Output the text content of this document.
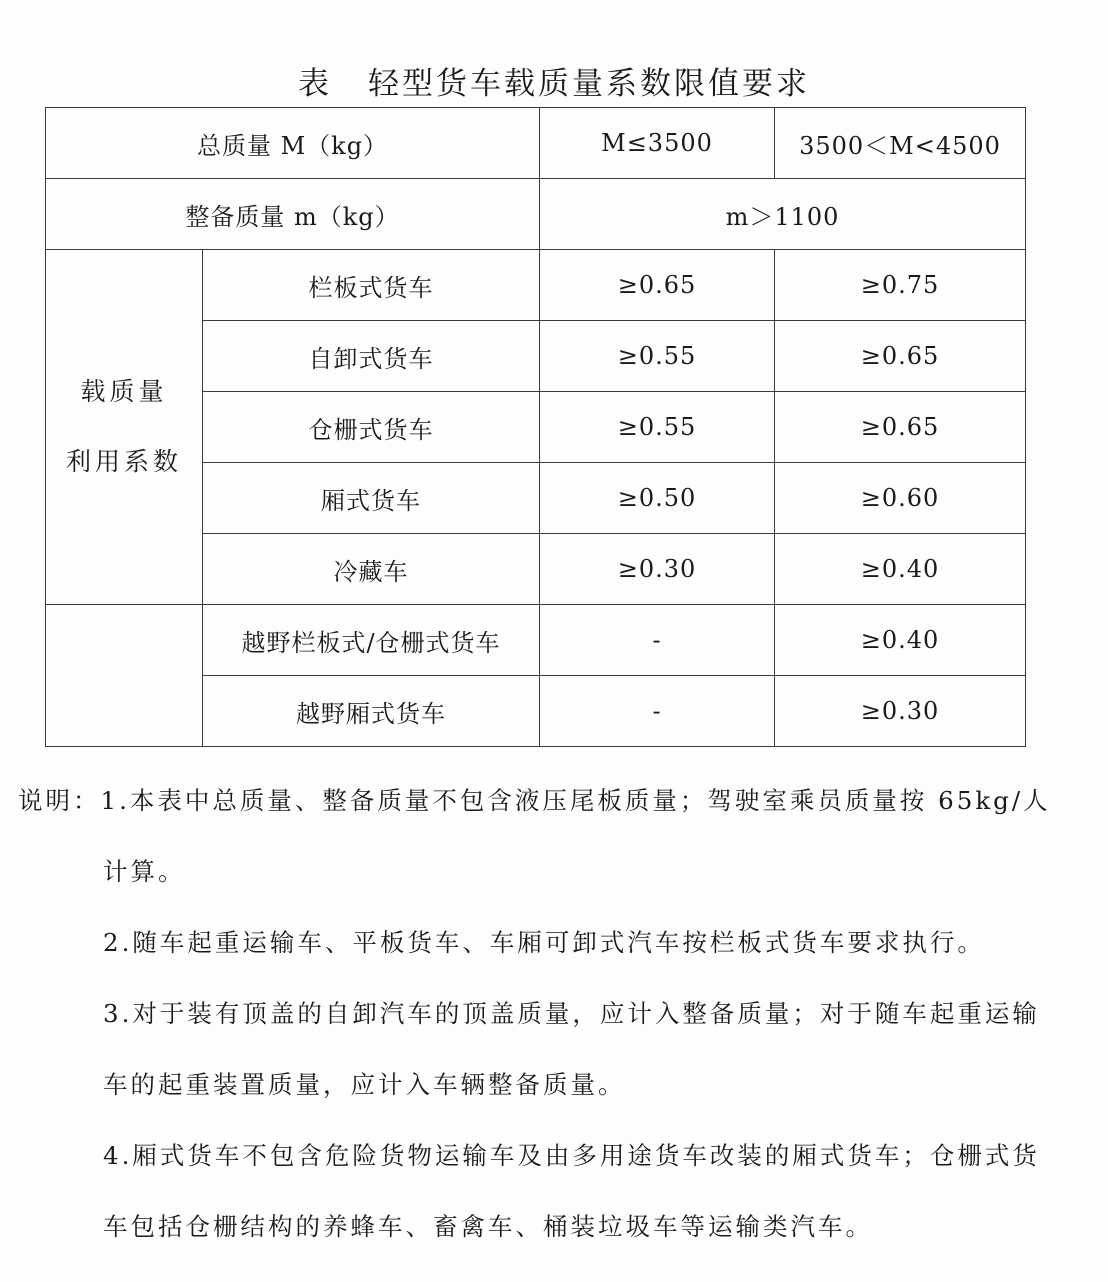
表 轻型货车载质量系数限值要求
总质量 M（kg）		M≤3500	3500＜M<4500
整备质量 m（kg）		m＞1100	

载质量
利用系数	栏板式货车	≥0.65	≥0.75
	自卸式货车	≥0.55	≥0.65
	仓栅式货车	≥0.55	≥0.65
	厢式货车	≥0.50	≥0.60
	冷藏车	≥0.30	≥0.40
	越野栏板式/仓栅式货车	-	≥0.40
	越野厢式货车	-	≥0.30
说明：1.本表中总质量、整备质量不包含液压尾板质量；驾驶室乘员质量按 65kg/人
计算。
2.随车起重运输车、平板货车、车厢可卸式汽车按栏板式货车要求执行。
3.对于装有顶盖的自卸汽车的顶盖质量，应计入整备质量；对于随车起重运输
车的起重装置质量，应计入车辆整备质量。
4.厢式货车不包含危险货物运输车及由多用途货车改装的厢式货车；仓栅式货
车包括仓栅结构的养蜂车、畜禽车、桶装垃圾车等运输类汽车。
